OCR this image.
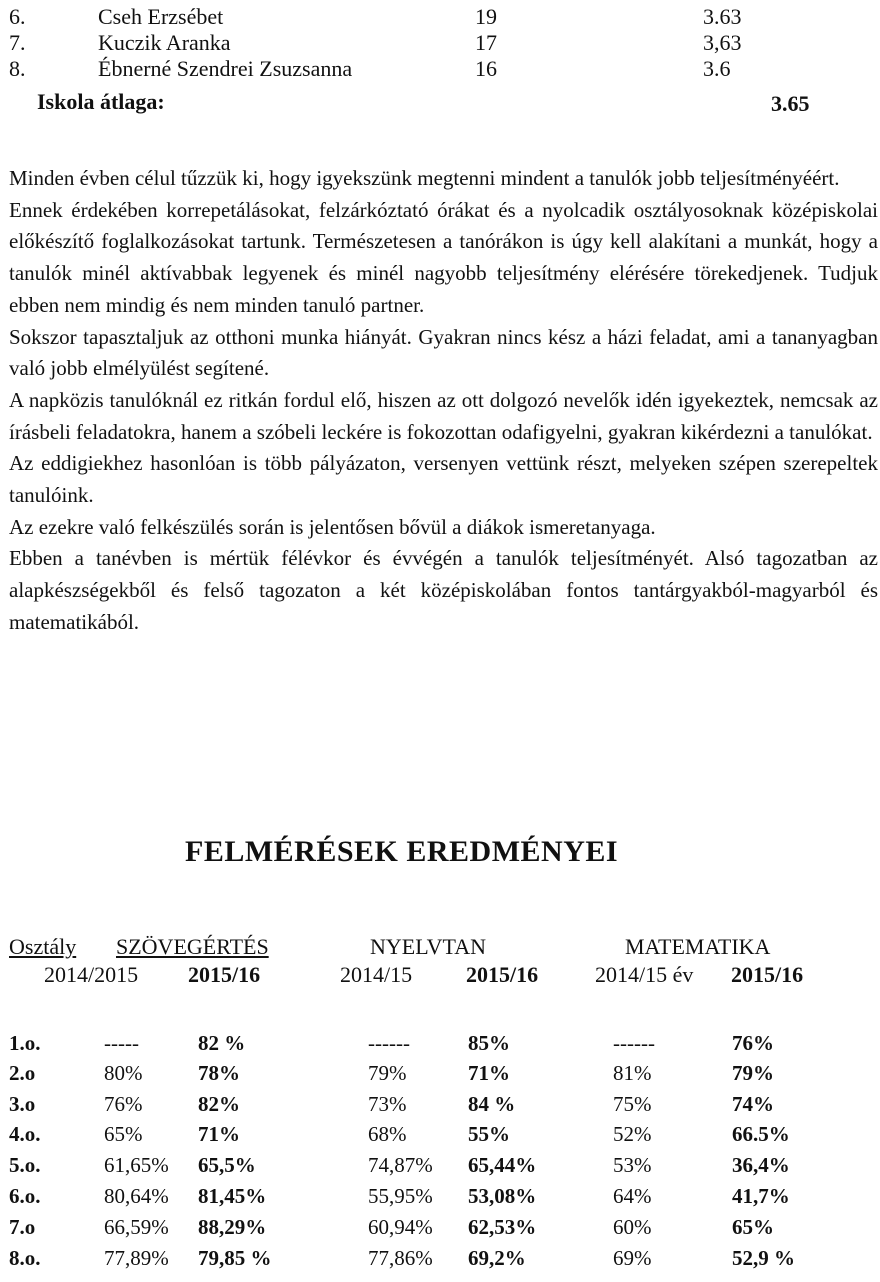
6.	Cseh Erzsébet	19	3.63
7.	Kuczik Aranka	17	3,63
8.	Ébnerné Szendrei Zsuzsanna	16	3.6
Iskola átlaga:	3.65

Minden évben célul tűzzük ki, hogy igyekszünk megtenni mindent a tanulók jobb teljesítményéért.

Ennek érdekében korrepetálásokat, felzárkóztató órákat és a nyolcadik osztályosoknak középiskolai előkészítő foglalkozásokat tartunk. Természetesen a tanórákon is úgy kell alakítani a munkát, hogy a tanulók minél aktívabbak legyenek és minél nagyobb teljesítmény elérésére törekedjenek. Tudjuk ebben nem mindig és nem minden tanuló partner.

Sokszor tapasztaljuk az otthoni munka hiányát. Gyakran nincs kész a házi feladat, ami a tananyagban való jobb elmélyülést segítené.

A napközis tanulóknál ez ritkán fordul elő, hiszen az ott dolgozó nevelők idén igyekeztek, nemcsak az írásbeli feladatokra, hanem a szóbeli leckére is fokozottan odafigyelni, gyakran kikérdezni a tanulókat.

Az eddigiekhez hasonlóan is több pályázaton, versenyen vettünk részt, melyeken szépen szerepeltek tanulóink.

Az ezekre való felkészülés során is jelentősen bővül a diákok ismeretanyaga.

Ebben a tanévben is mértük félévkor és évvégén a tanulók teljesítményét. Alsó tagozatban az alapkészségekből és felső tagozaton a két középiskolában fontos tantárgyakból-magyarból és matematikából.

FELMÉRÉSEK EREDMÉNYEI
Osztály SZÖVEGÉRTÉS	NYELVTAN	MATEMATIKA
2014/2015 2015/16	2014/15 2015/16	2014/15 év 2015/16
1.o.	-----	82 %	------	85%	------	76%
2.o	80%	78%	79%	71%	81%	79%
3.o	76%	82%	73%	84 %	75%	74%
4.o.	65%	71%	68%	55%	52%	66.5%
5.o.	61,65% 65,5%	74,87% 65,44%	53%	36,4%
6.o.	80,64% 81,45%	55,95% 53,08%	64%	41,7%
7.o	66,59% 88,29%	60,94% 62,53%	60%	65%
8.o.	77,89% 79,85 %	77,86% 69,2%	69%	52,9 %
